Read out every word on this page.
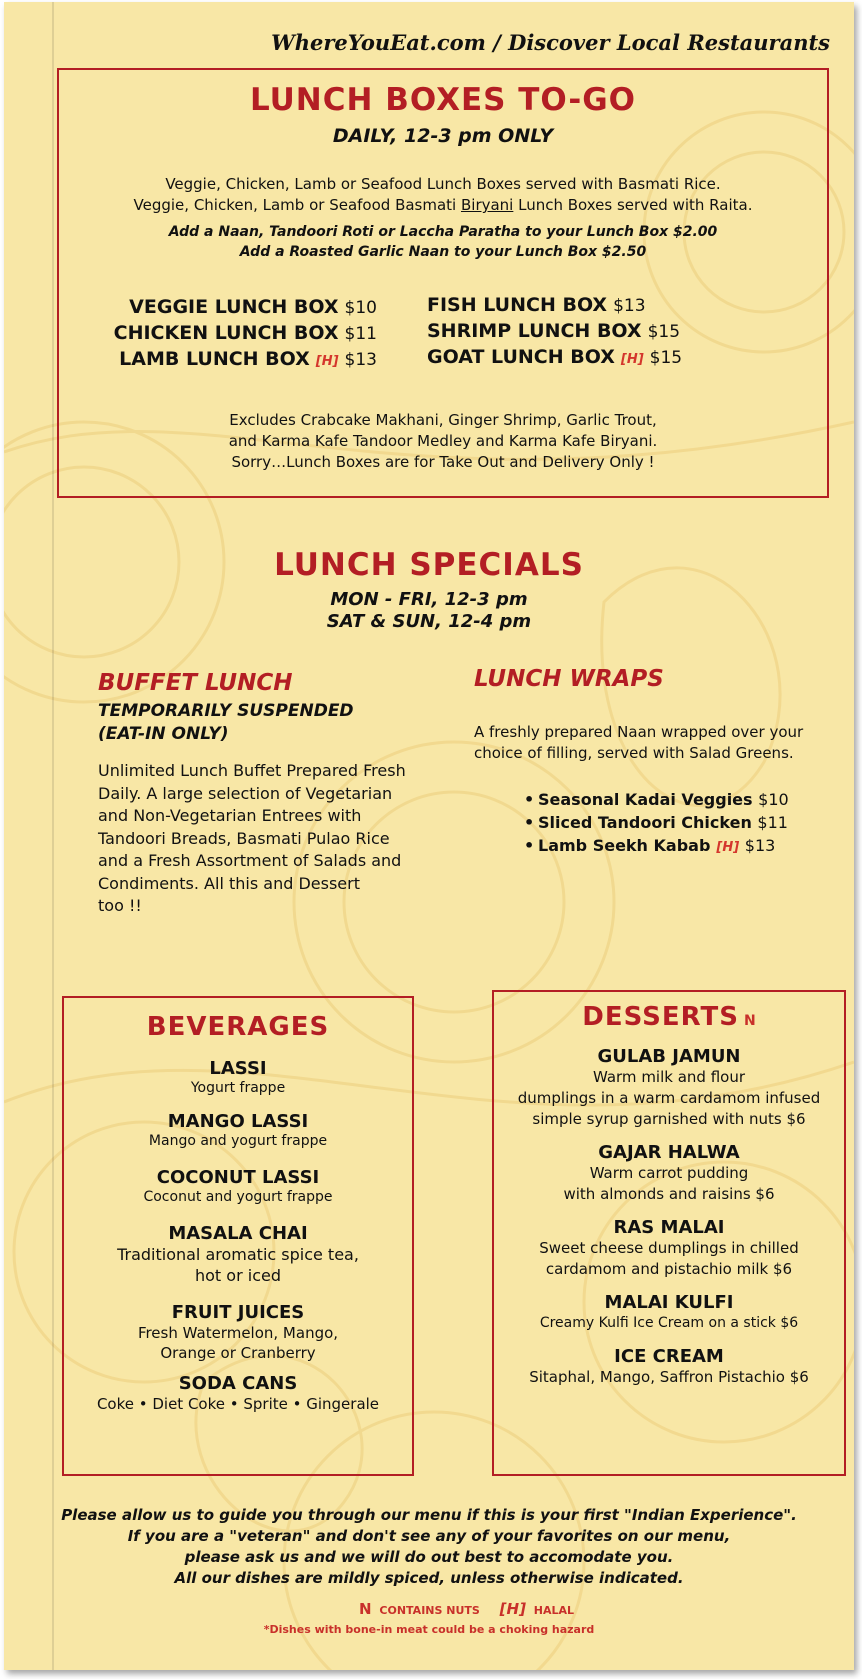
WhereYouEat.com / Discover Local Restaurants
LUNCH BOXES TO-GO
DAILY, 12-3 pm ONLY
Veggie, Chicken, Lamb or Seafood Lunch Boxes served with Basmati Rice.
Veggie, Chicken, Lamb or Seafood Basmati Biryani Lunch Boxes served with Raita.
Add a Naan, Tandoori Roti or Laccha Paratha to your Lunch Box $2.00
Add a Roasted Garlic Naan to your Lunch Box $2.50
VEGGIE LUNCH BOX $10
CHICKEN LUNCH BOX $11
LAMB LUNCH BOX [H] $13
FISH LUNCH BOX $13
SHRIMP LUNCH BOX $15
GOAT LUNCH BOX [H] $15
Excludes Crabcake Makhani, Ginger Shrimp, Garlic Trout,
and Karma Kafe Tandoor Medley and Karma Kafe Biryani.
Sorry…Lunch Boxes are for Take Out and Delivery Only !
LUNCH SPECIALS
MON - FRI, 12-3 pm
SAT & SUN, 12-4 pm
BUFFET LUNCH
TEMPORARILY SUSPENDED
(EAT-IN ONLY)
Unlimited Lunch Buffet Prepared Fresh
Daily. A large selection of Vegetarian
and Non-Vegetarian Entrees with
Tandoori Breads, Basmati Pulao Rice
and a Fresh Assortment of Salads and
Condiments. All this and Dessert
too !!
LUNCH WRAPS
A freshly prepared Naan wrapped over your
choice of filling, served with Salad Greens.
• Seasonal Kadai Veggies $10
• Sliced Tandoori Chicken $11
• Lamb Seekh Kabab [H] $13
BEVERAGES
LASSI
Yogurt frappe
MANGO LASSI
Mango and yogurt frappe
COCONUT LASSI
Coconut and yogurt frappe
MASALA CHAI
Traditional aromatic spice tea,
hot or iced
FRUIT JUICES
Fresh Watermelon, Mango,
Orange or Cranberry
SODA CANS
Coke • Diet Coke • Sprite • Gingerale
DESSERTS N
GULAB JAMUN
Warm milk and flour
dumplings in a warm cardamom infused
simple syrup garnished with nuts $6
GAJAR HALWA
Warm carrot pudding
with almonds and raisins $6
RAS MALAI
Sweet cheese dumplings in chilled
cardamom and pistachio milk $6
MALAI KULFI
Creamy Kulfi Ice Cream on a stick $6
ICE CREAM
Sitaphal, Mango, Saffron Pistachio $6
Please allow us to guide you through our menu if this is your first "Indian Experience".
If you are a "veteran" and don't see any of your favorites on our menu,
please ask us and we will do out best to accomodate you.
All our dishes are mildly spiced, unless otherwise indicated.
N CONTAINS NUTS [H] HALAL
*Dishes with bone-in meat could be a choking hazard
